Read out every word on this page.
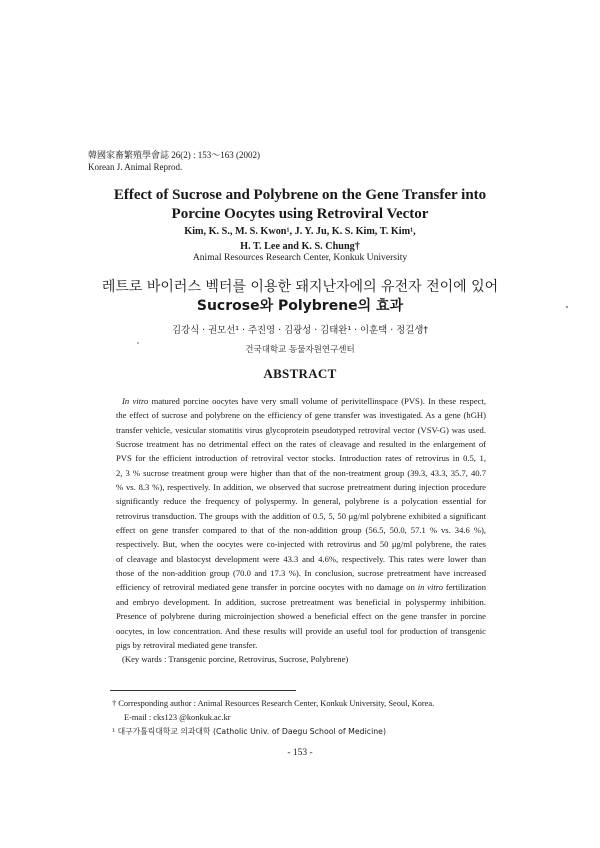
韓國家畜繁殖學會誌 26(2) : 153～163 (2002)
Korean J. Animal Reprod.
Effect of Sucrose and Polybrene on the Gene Transfer into
Porcine Oocytes using Retroviral Vector
Kim, K. S., M. S. Kwon¹, J. Y. Ju, K. S. Kim, T. Kim¹,
H. T. Lee and K. S. Chung†
Animal Resources Research Center, Konkuk University
레트로 바이러스 벡터를 이용한 돼지난자에의 유전자 전이에 있어
Sucrose와 Polybrene의 효과
김강식 · 권모선¹ · 주진영 · 김광성 · 김태완¹ · 이훈택 · 정길생†
건국대학교 동물자원연구센터
ABSTRACT

In vitro matured porcine oocytes have very small volume of perivitellinspace (PVS). In these respect,
the effect of sucrose and polybrene on the efficiency of gene transfer was investigated. As a gene (hGH)
transfer vehicle, vesicular stomatitis virus glycoprotein pseudotyped retroviral vector (VSV-G) was used.
Sucrose treatment has no detrimental effect on the rates of cleavage and resulted in the enlargement of
PVS for the efficient introduction of retroviral vector stocks. Introduction rates of retrovirus in 0.5, 1,
2, 3 % sucrose treatment group were higher than that of the non-treatment group (39.3, 43.3, 35.7, 40.7
% vs. 8.3 %), respectively. In addition, we observed that sucrose pretreatment during injection procedure
significantly reduce the frequency of polyspermy. In general, polybrene is a polycation essential for
retrovirus transduction. The groups with the addition of 0.5, 5, 50 μg/ml polybrene exhibited a significant
effect on gene transfer compared to that of the non-addition group (56.5, 50.0, 57.1 % vs. 34.6 %),
respectively. But, when the oocytes were co-injected with retrovirus and 50 μg/ml polybrene, the rates
of cleavage and blastocyst development were 43.3 and 4.6%, respectively. This rates were lower than
those of the non-addition group (70.0 and 17.3 %). In conclusion, sucrose pretreatment have increased
efficiency of retroviral mediated gene transfer in porcine oocytes with no damage on in vitro fertilization
and embryo development. In addition, sucrose pretreatment was beneficial in polyspermy inhibition.
Presence of polybrene during microinjection showed a beneficial effect on the gene transfer in porcine
oocytes, in low concentration. And these results will provide an useful tool for production of transgenic
pigs by retroviral mediated gene transfer.

(Key wards : Transgenic porcine, Retrovirus, Sucrose, Polybrene)
† Corresponding author : Animal Resources Research Center, Konkuk University, Seoul, Korea.
E-mail : cks123 @konkuk.ac.kr
¹ 대구가톨릭대학교 의과대학 (Catholic Univ. of Daegu School of Medicine)
- 153 -
